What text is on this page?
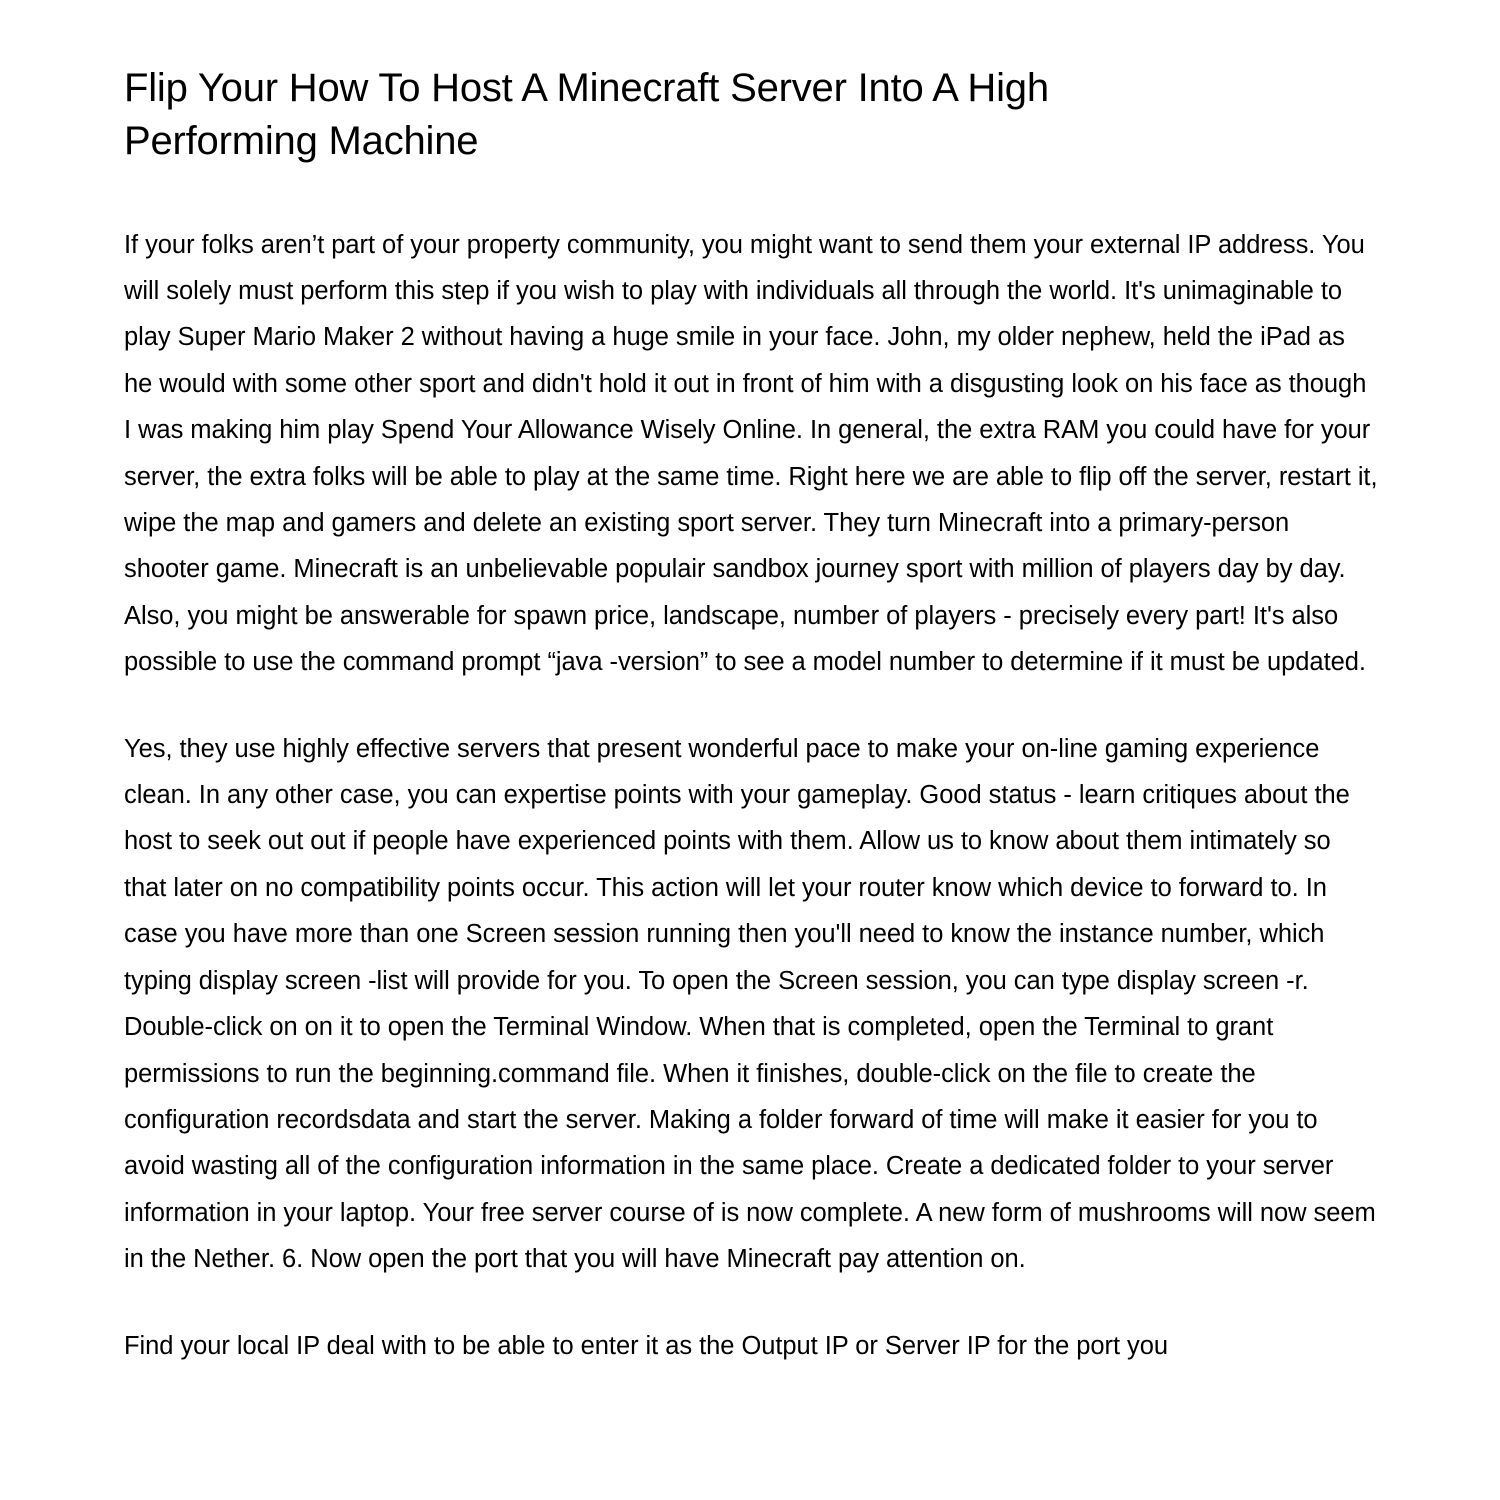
Flip Your How To Host A Minecraft Server Into A High Performing Machine

If your folks aren’t part of your property community, you might want to send them your external IP address. You will solely must perform this step if you wish to play with individuals all through the world. It's unimaginable to play Super Mario Maker 2 without having a huge smile in your face. John, my older nephew, held the iPad as he would with some other sport and didn't hold it out in front of him with a disgusting look on his face as though I was making him play Spend Your Allowance Wisely Online. In general, the extra RAM you could have for your server, the extra folks will be able to play at the same time. Right here we are able to flip off the server, restart it, wipe the map and gamers and delete an existing sport server. They turn Minecraft into a primary-person shooter game. Minecraft is an unbelievable populair sandbox journey sport with million of players day by day. Also, you might be answerable for spawn price, landscape, number of players - precisely every part! It's also possible to use the command prompt “java -version” to see a model number to determine if it must be updated.

Yes, they use highly effective servers that present wonderful pace to make your on-line gaming experience clean. In any other case, you can expertise points with your gameplay. Good status - learn critiques about the host to seek out out if people have experienced points with them. Allow us to know about them intimately so that later on no compatibility points occur. This action will let your router know which device to forward to. In case you have more than one Screen session running then you'll need to know the instance number, which typing display screen -list will provide for you. To open the Screen session, you can type display screen -r. Double-click on on it to open the Terminal Window. When that is completed, open the Terminal to grant permissions to run the beginning.command file. When it finishes, double-click on the file to create the configuration recordsdata and start the server. Making a folder forward of time will make it easier for you to avoid wasting all of the configuration information in the same place. Create a dedicated folder to your server information in your laptop. Your free server course of is now complete. A new form of mushrooms will now seem in the Nether. 6. Now open the port that you will have Minecraft pay attention on.

Find your local IP deal with to be able to enter it as the Output IP or Server IP for the port you
